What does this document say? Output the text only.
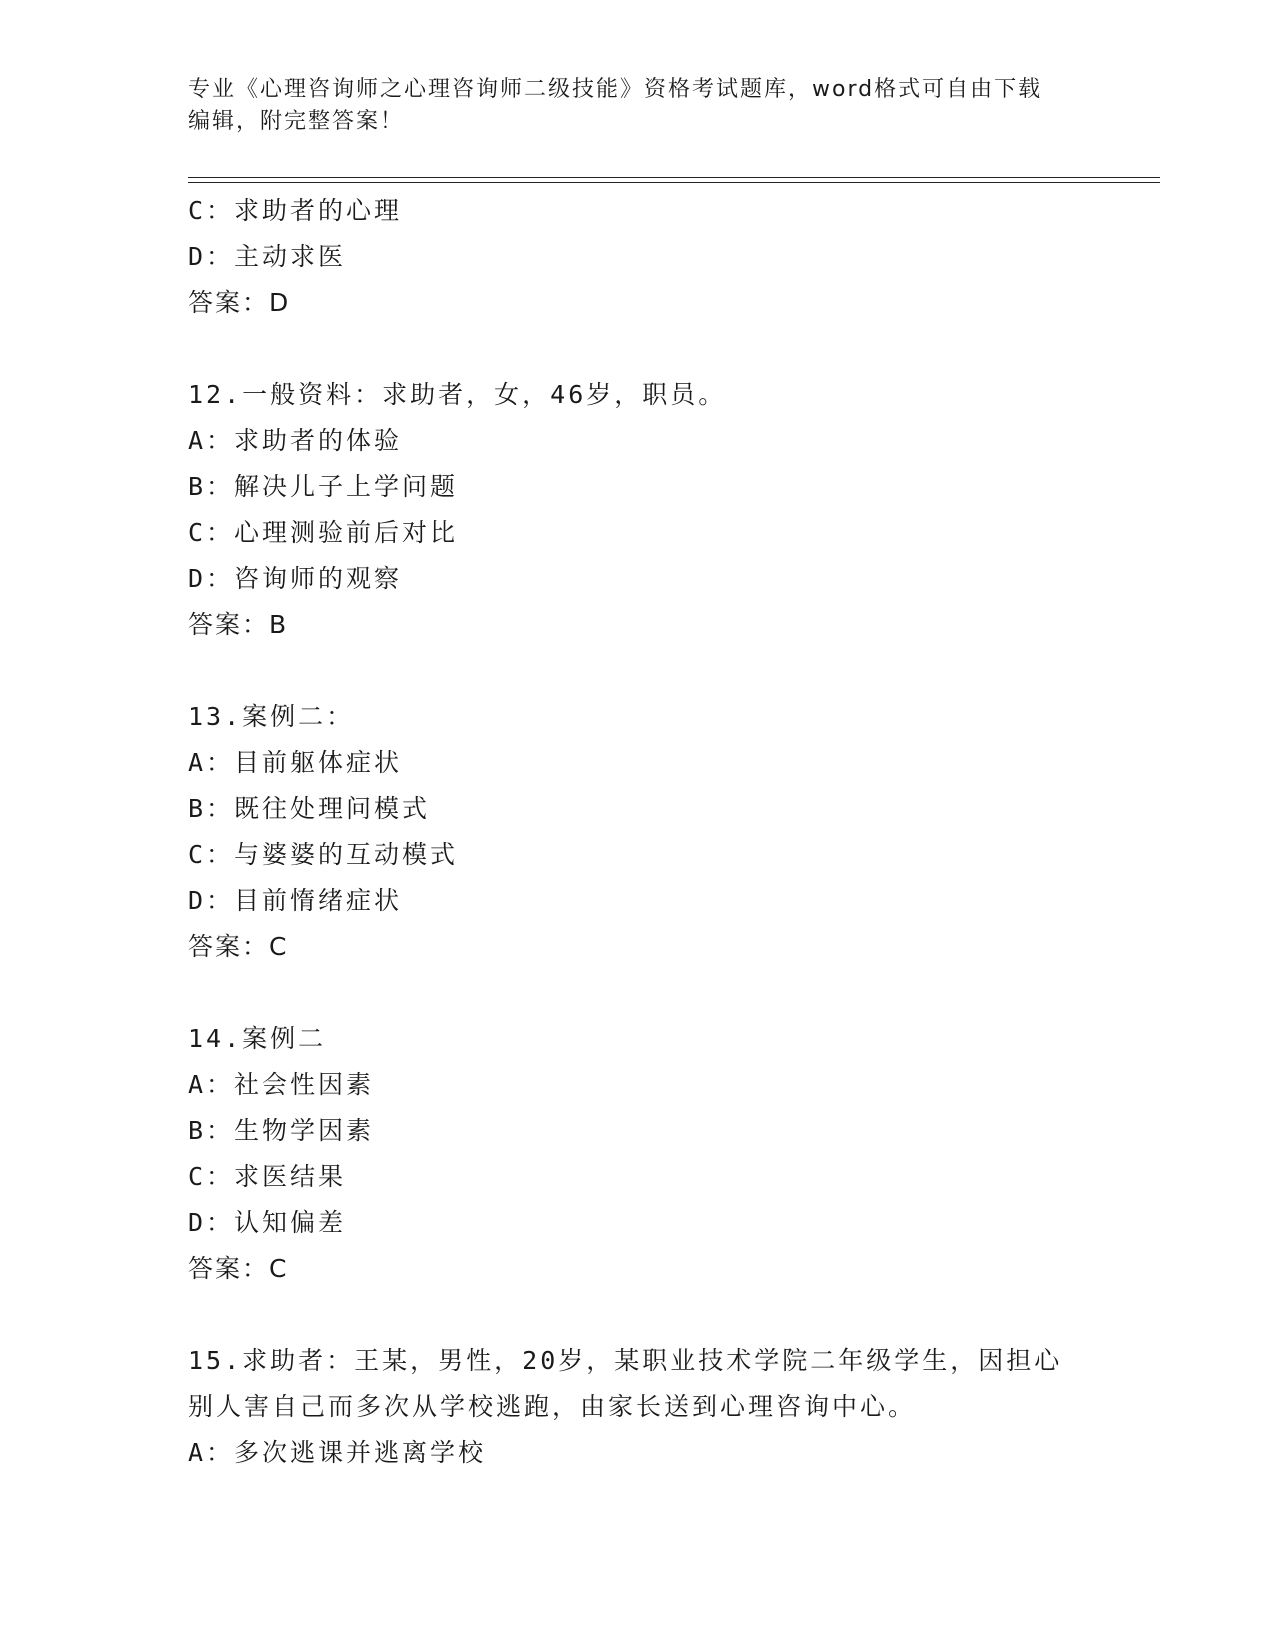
专业《心理咨询师之心理咨询师二级技能》资格考试题库，word格式可自由下载
编辑，附完整答案！
C：求助者的心理
D：主动求医
答案：D
12.一般资料：求助者，女，46岁，职员。
A：求助者的体验
B：解决儿子上学问题
C：心理测验前后对比
D：咨询师的观察
答案：B
13.案例二：
A：目前躯体症状
B：既往处理问模式
C：与婆婆的互动模式
D：目前惰绪症状
答案：C
14.案例二
A：社会性因素
B：生物学因素
C：求医结果
D：认知偏差
答案：C
15.求助者：王某，男性，20岁，某职业技术学院二年级学生，因担心
别人害自己而多次从学校逃跑，由家长送到心理咨询中心。
A：多次逃课并逃离学校
